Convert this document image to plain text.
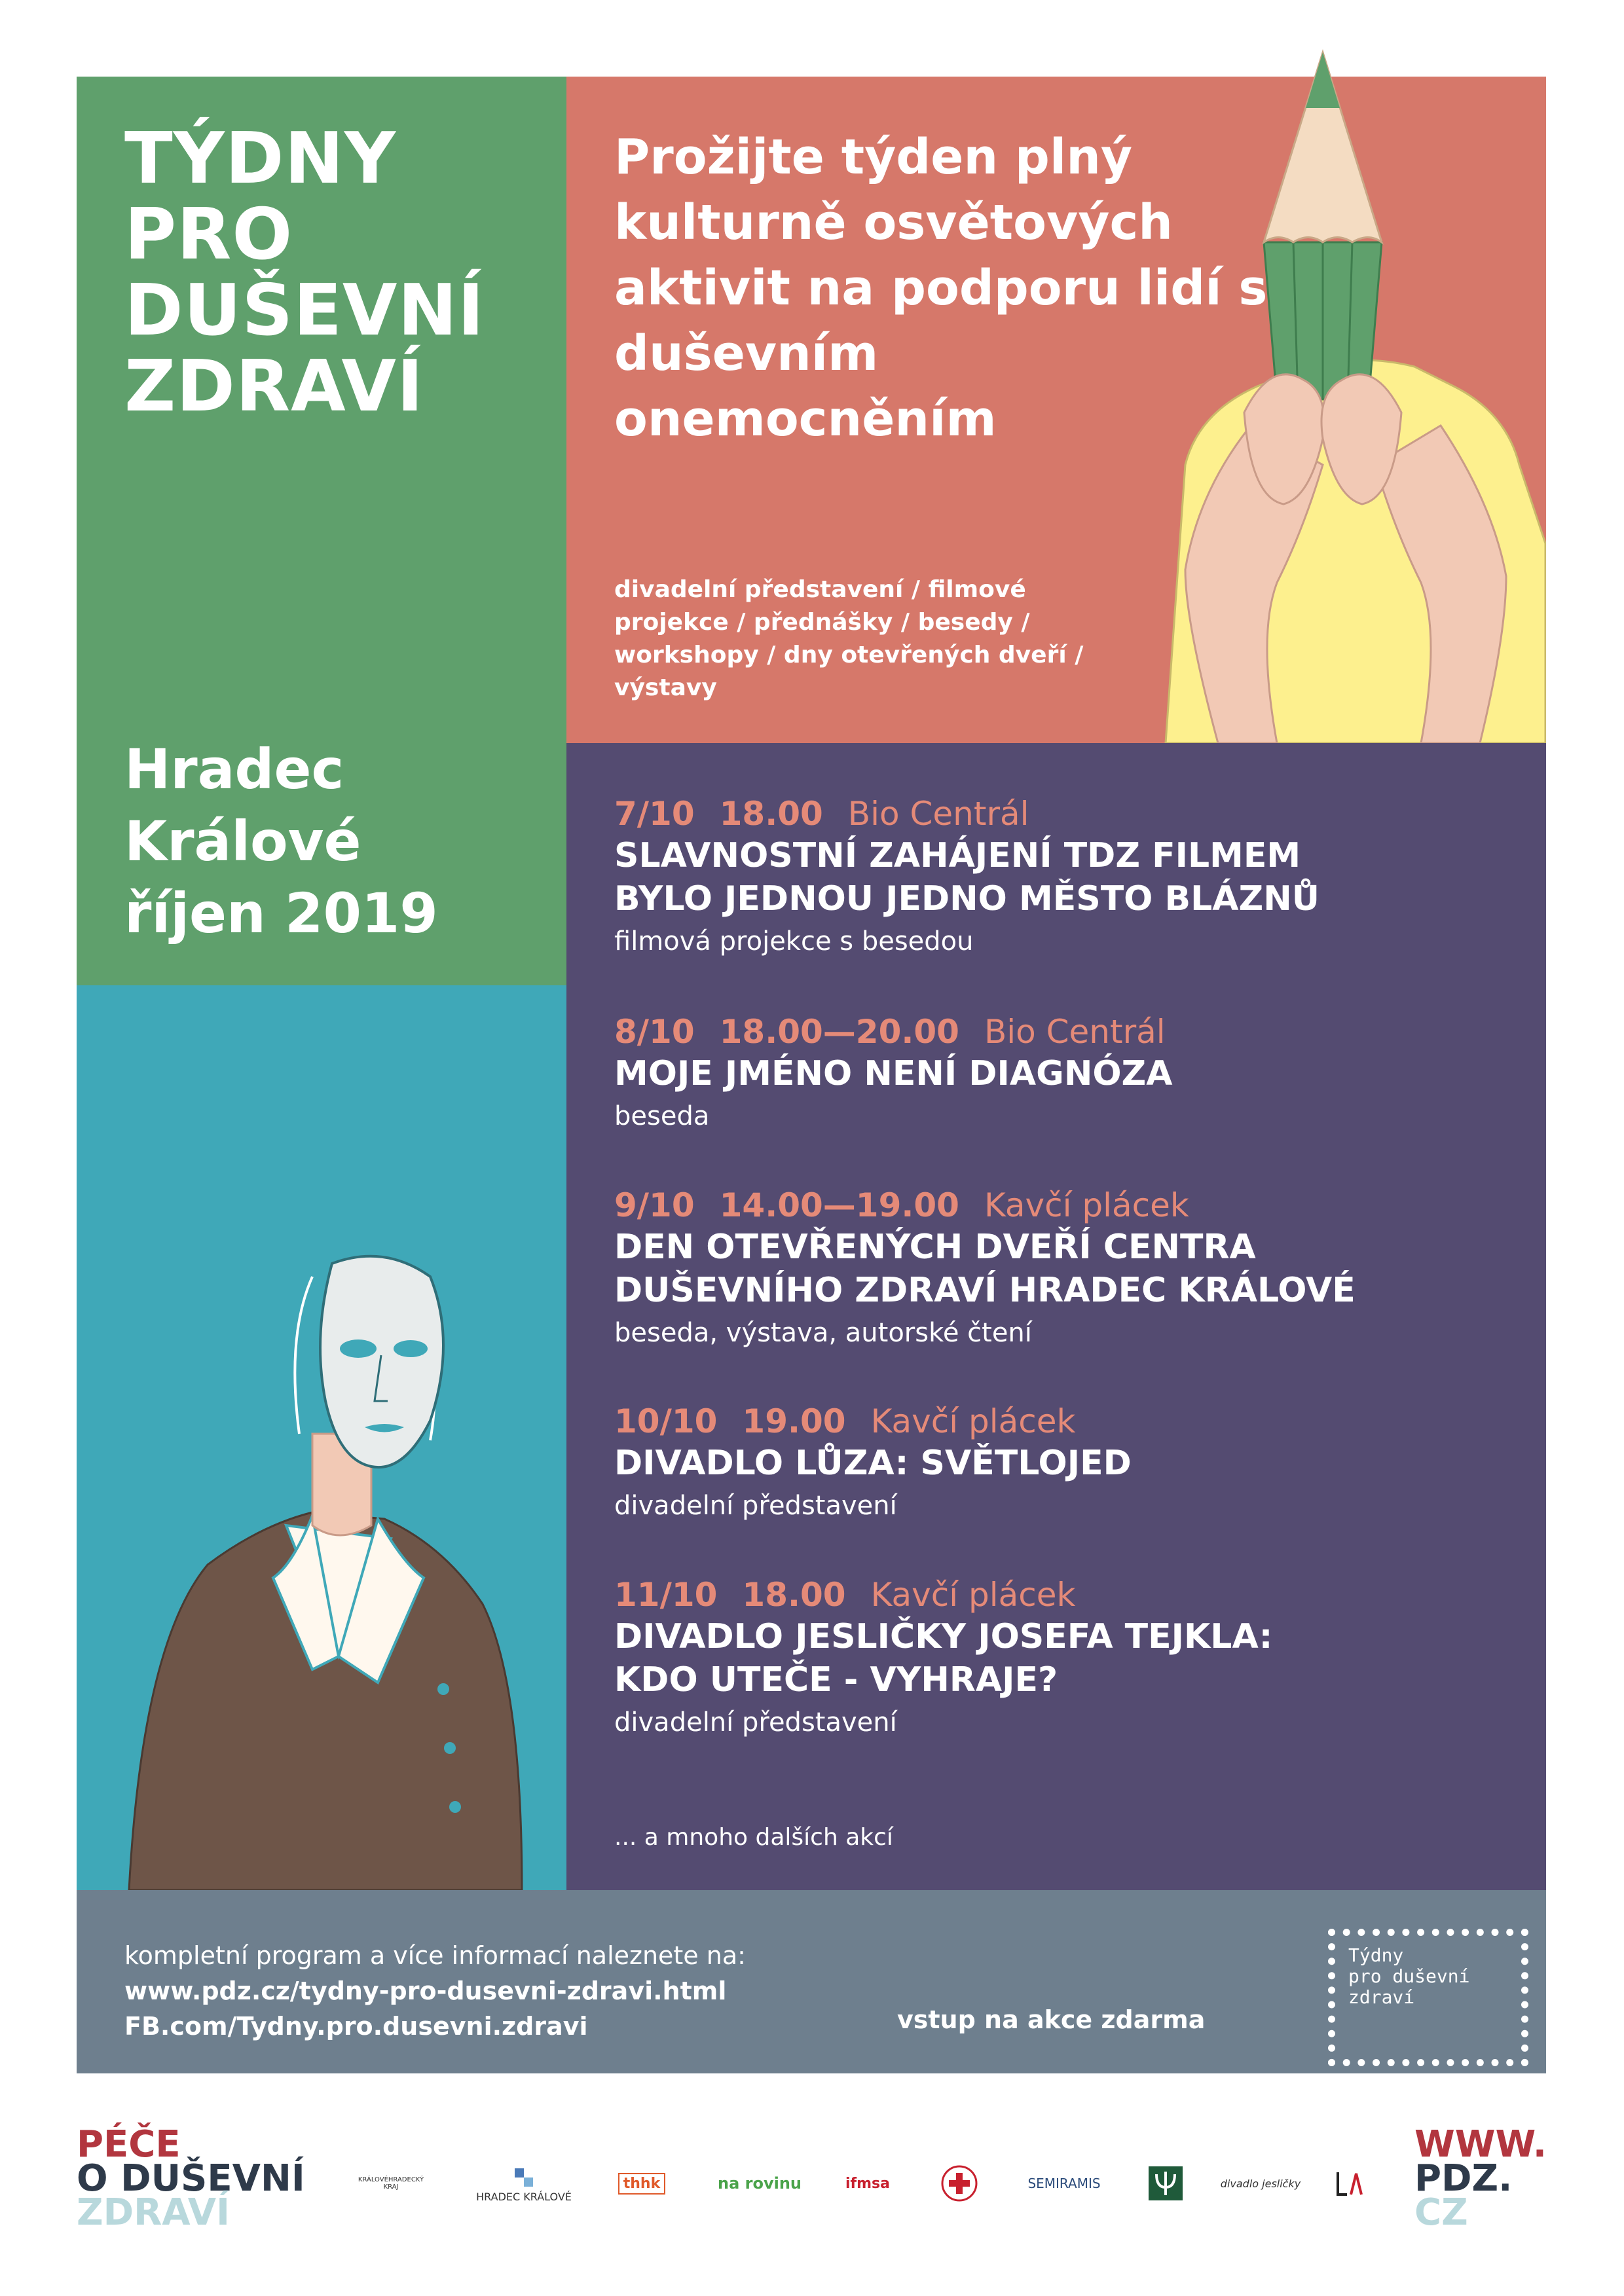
TÝDNY
PRO
DUŠEVNÍ
ZDRAVÍ

Prožijte týden plný kulturně osvětových aktivit na podporu lidí s duševním onemocněním

divadelní představení / filmové projekce / přednášky / besedy / workshopy / dny otevřených dveří / výstavy

Hradec
Králové
říjen 2019
7/10 18.00 Bio Centrál
SLAVNOSTNÍ ZAHÁJENÍ TDZ FILMEM
BYLO JEDNOU JEDNO MĚSTO BLÁZNŮ
filmová projekce s besedou
8/10 18.00—20.00 Bio Centrál
MOJE JMÉNO NENÍ DIAGNÓZA
beseda
9/10 14.00—19.00 Kavčí plácek
DEN OTEVŘENÝCH DVEŘÍ CENTRA
DUŠEVNÍHO ZDRAVÍ HRADEC KRÁLOVÉ
beseda, výstava, autorské čtení
10/10 19.00 Kavčí plácek
DIVADLO LŮZA: SVĚTLOJED
divadelní představení
11/10 18.00 Kavčí plácek
DIVADLO JESLIČKY JOSEFA TEJKLA:
KDO UTEČE - VYHRAJE?
divadelní představení
... a mnoho dalších akcí
kompletní program a více informací naleznete na:
www.pdz.cz/tydny-pro-dusevni-zdravi.html
FB.com/Tydny.pro.dusevni.zdravi	vstup na akce zdarma
Týdny
pro duševní
zdraví
PÉČE
O DUŠEVNÍ
ZDRAVÍ
KRÁLOVÉHRADECKÝ KRAJ
HRADEC KRÁLOVÉ
thhk	na rovinu	ifmsa	SEMIRAMIS	divadlo jesličky
WWW.
PDZ.
CZ
